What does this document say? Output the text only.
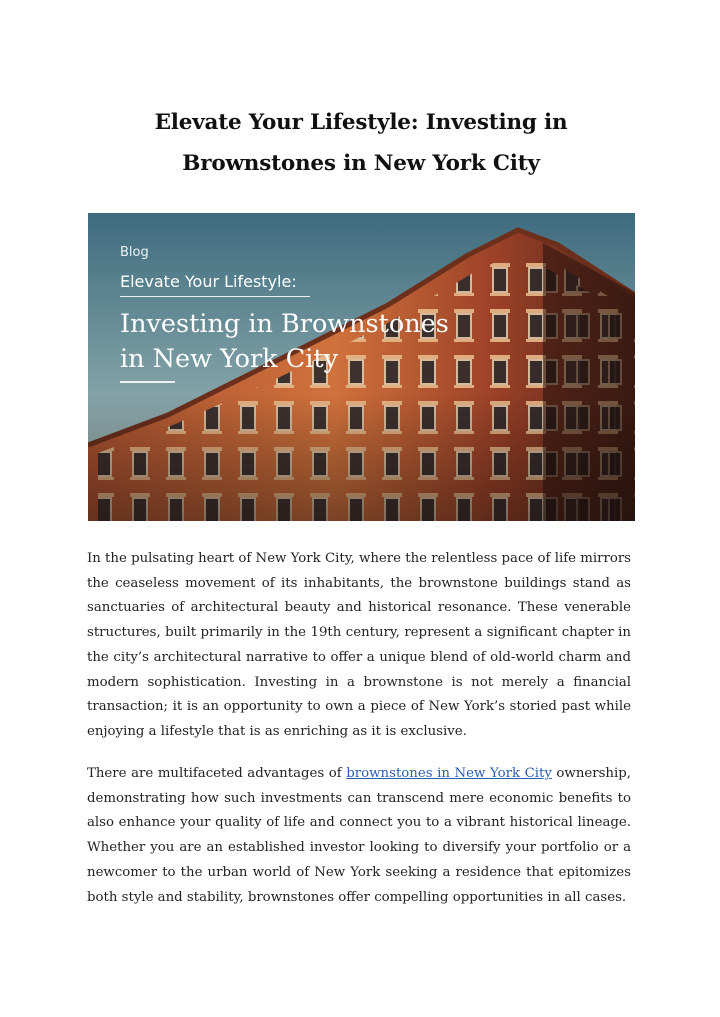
Elevate Your Lifestyle: Investing in Brownstones in New York City

Blog

Elevate Your Lifestyle:

Investing in Brownstones
in New York City

In the pulsating heart of New York City, where the relentless pace of life mirrors the ceaseless movement of its inhabitants, the brownstone buildings stand as sanctuaries of architectural beauty and historical resonance. These venerable structures, built primarily in the 19th century, represent a significant chapter in the city’s architectural narrative to offer a unique blend of old-world charm and modern sophistication. Investing in a brownstone is not merely a financial transaction; it is an opportunity to own a piece of New York’s storied past while enjoying a lifestyle that is as enriching as it is exclusive.

There are multifaceted advantages of brownstones in New York City ownership, demonstrating how such investments can transcend mere economic benefits to also enhance your quality of life and connect you to a vibrant historical lineage. Whether you are an established investor looking to diversify your portfolio or a newcomer to the urban world of New York seeking a residence that epitomizes both style and stability, brownstones offer compelling opportunities in all cases.
